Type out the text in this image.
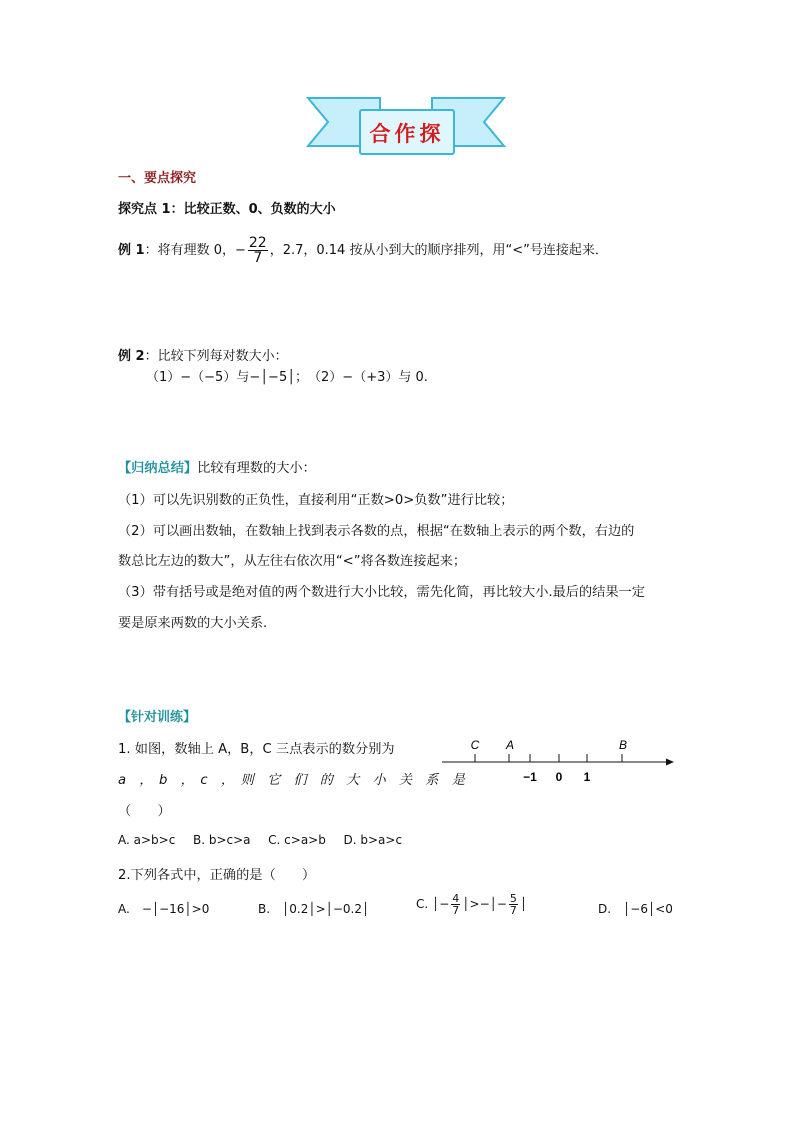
合作探
一、要点探究
探究点 1：比较正数、0、负数的大小
例 1：将有理数 0，− $\frac{22}{7}$ ，2.7，0.14 按从小到大的顺序排列，用“<”号连接起来．
例 2：比较下列每对数大小：
（1）−（−5）与−│−5│；　（2）−（+3）与 0.
【归纳总结】比较有理数的大小：
（1）可以先识别数的正负性，直接利用“正数>0>负数”进行比较；
（2）可以画出数轴，在数轴上找到表示各数的点，根据“在数轴上表示的两个数，右边的
数总比左边的数大”，从左往右依次用“<”将各数连接起来；
（3）带有括号或是绝对值的两个数进行大小比较，需先化简，再比较大小.最后的结果一定
要是原来两数的大小关系.
【针对训练】
1. 如图，数轴上 A，B，C 三点表示的数分别为
a　，　b　，　c　，　则　它　们　的　大　小　关　系　是
（　　）
C A	B
−1 0 1
A. a>b>c B. b>c>a C. c>a>b D. b>a>c
2.下列各式中，正确的是（　　）
A.　−│−16│>0	B.　│0.2│>│−0.2│	C. │− $\frac{4}{7}$ │>−│− $\frac{5}{7}$ │	D.　│−6│<0
